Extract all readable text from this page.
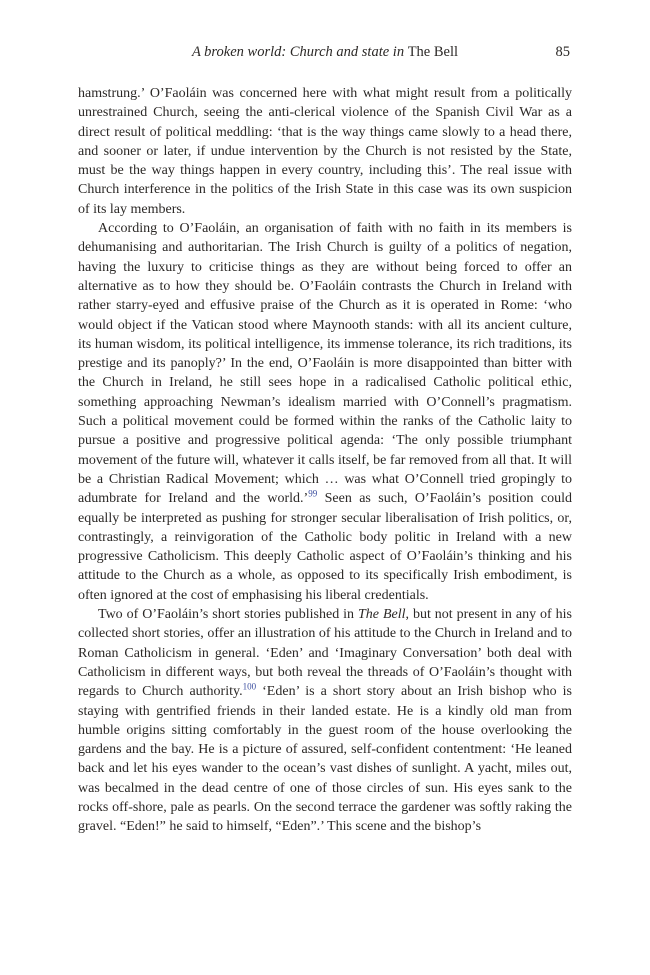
A broken world: Church and state in The Bell	85

hamstrung.’ O’Faoláin was concerned here with what might result from a politically unrestrained Church, seeing the anti-clerical violence of the Spanish Civil War as a direct result of political meddling: ‘that is the way things came slowly to a head there, and sooner or later, if undue intervention by the Church is not resisted by the State, must be the way things happen in every country, including this’. The real issue with Church interference in the politics of the Irish State in this case was its own suspicion of its lay members.

According to O’Faoláin, an organisation of faith with no faith in its members is dehumanising and authoritarian. The Irish Church is guilty of a politics of negation, having the luxury to criticise things as they are without being forced to offer an alternative as to how they should be. O’Faoláin contrasts the Church in Ireland with rather starry-eyed and effusive praise of the Church as it is operated in Rome: ‘who would object if the Vatican stood where Maynooth stands: with all its ancient culture, its human wisdom, its political intelligence, its immense tolerance, its rich traditions, its prestige and its panoply?’ In the end, O’Faoláin is more disappointed than bitter with the Church in Ireland, he still sees hope in a radicalised Catholic political ethic, something approaching Newman’s idealism married with O’Connell’s pragmatism. Such a political movement could be formed within the ranks of the Catholic laity to pursue a positive and progressive political agenda: ‘The only possible triumphant movement of the future will, whatever it calls itself, be far removed from all that. It will be a Christian Radical Movement; which … was what O’Connell tried gropingly to adumbrate for Ireland and the world.’$^{99}$ Seen as such, O’Faoláin’s position could equally be interpreted as pushing for stronger secular liberalisation of Irish politics, or, contrastingly, a reinvigoration of the Catholic body politic in Ireland with a new progressive Catholicism. This deeply Catholic aspect of O’Faoláin’s thinking and his attitude to the Church as a whole, as opposed to its specifically Irish embodiment, is often ignored at the cost of emphasising his liberal credentials.

Two of O’Faoláin’s short stories published in The Bell, but not present in any of his collected short stories, offer an illustration of his attitude to the Church in Ireland and to Roman Catholicism in general. ‘Eden’ and ‘Imaginary Conversation’ both deal with Catholicism in different ways, but both reveal the threads of O’Faoláin’s thought with regards to Church authority.$^{100}$ ‘Eden’ is a short story about an Irish bishop who is staying with gentrified friends in their landed estate. He is a kindly old man from humble origins sitting comfortably in the guest room of the house overlooking the gardens and the bay. He is a picture of assured, self-confident contentment: ‘He leaned back and let his eyes wander to the ocean’s vast dishes of sunlight. A yacht, miles out, was becalmed in the dead centre of one of those circles of sun. His eyes sank to the rocks off-shore, pale as pearls. On the second terrace the gardener was softly raking the gravel. “Eden!” he said to himself, “Eden”.’ This scene and the bishop’s
